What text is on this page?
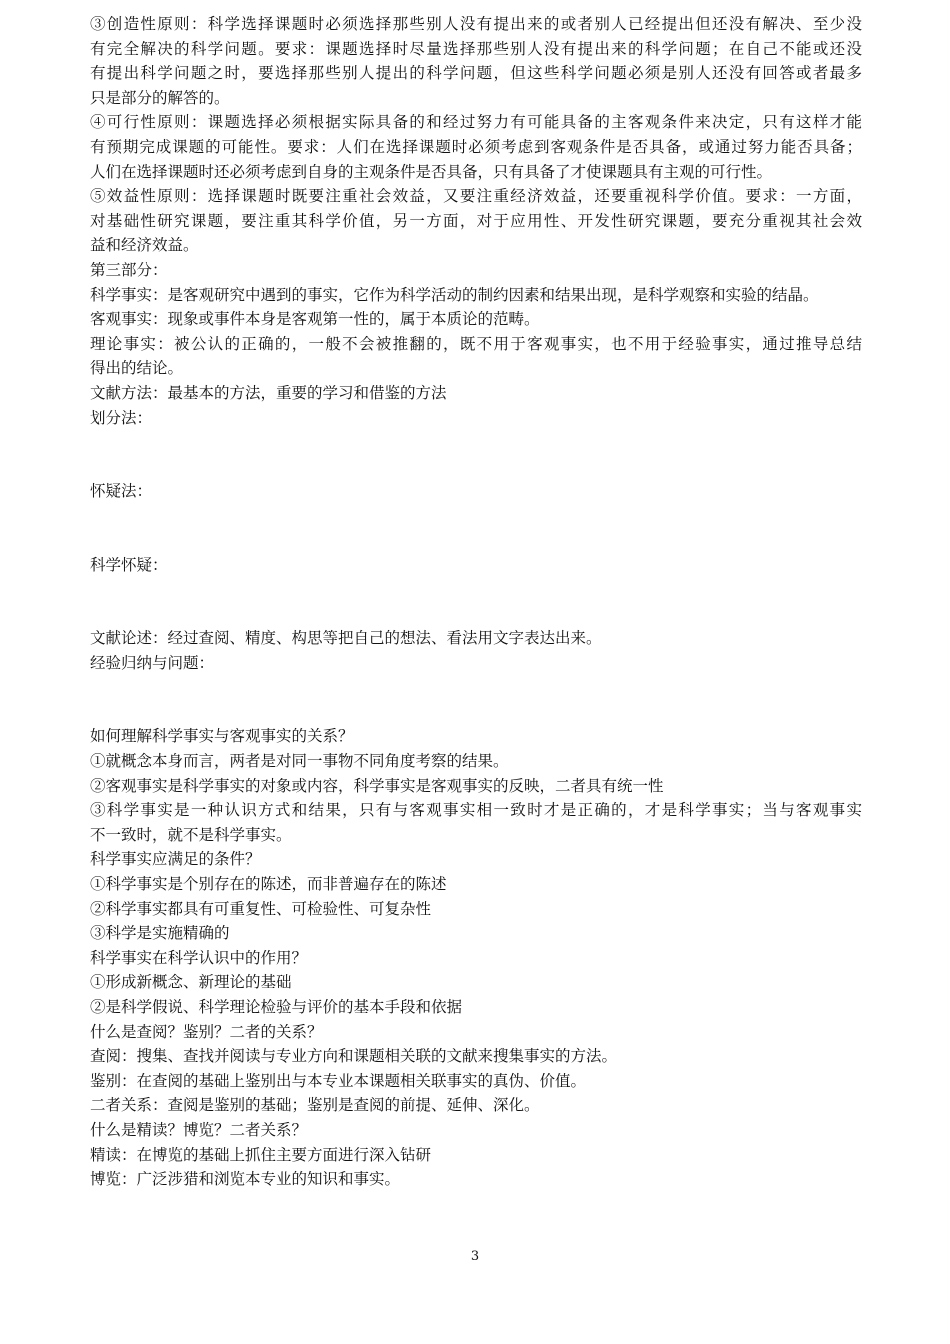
③创造性原则：科学选择课题时必须选择那些别人没有提出来的或者别人已经提出但还没有解决、至少没
有完全解决的科学问题。要求：课题选择时尽量选择那些别人没有提出来的科学问题；在自己不能或还没
有提出科学问题之时，要选择那些别人提出的科学问题，但这些科学问题必须是别人还没有回答或者最多
只是部分的解答的。
④可行性原则：课题选择必须根据实际具备的和经过努力有可能具备的主客观条件来决定，只有这样才能
有预期完成课题的可能性。要求：人们在选择课题时必须考虑到客观条件是否具备，或通过努力能否具备；
人们在选择课题时还必须考虑到自身的主观条件是否具备，只有具备了才使课题具有主观的可行性。
⑤效益性原则：选择课题时既要注重社会效益，又要注重经济效益，还要重视科学价值。要求：一方面，
对基础性研究课题，要注重其科学价值，另一方面，对于应用性、开发性研究课题，要充分重视其社会效
益和经济效益。
第三部分：
科学事实：是客观研究中遇到的事实，它作为科学活动的制约因素和结果出现，是科学观察和实验的结晶。
客观事实：现象或事件本身是客观第一性的，属于本质论的范畴。
理论事实：被公认的正确的，一般不会被推翻的，既不用于客观事实，也不用于经验事实，通过推导总结
得出的结论。
文献方法：最基本的方法，重要的学习和借鉴的方法
划分法：
怀疑法：
科学怀疑：
文献论述：经过查阅、精度、构思等把自己的想法、看法用文字表达出来。
经验归纳与问题：
如何理解科学事实与客观事实的关系？
①就概念本身而言，两者是对同一事物不同角度考察的结果。
②客观事实是科学事实的对象或内容，科学事实是客观事实的反映，二者具有统一性
③科学事实是一种认识方式和结果，只有与客观事实相一致时才是正确的，才是科学事实；当与客观事实
不一致时，就不是科学事实。
科学事实应满足的条件？
①科学事实是个别存在的陈述，而非普遍存在的陈述
②科学事实都具有可重复性、可检验性、可复杂性
③科学是实施精确的
科学事实在科学认识中的作用？
①形成新概念、新理论的基础
②是科学假说、科学理论检验与评价的基本手段和依据
什么是查阅？鉴别？二者的关系？
查阅：搜集、查找并阅读与专业方向和课题相关联的文献来搜集事实的方法。
鉴别：在查阅的基础上鉴别出与本专业本课题相关联事实的真伪、价值。
二者关系：查阅是鉴别的基础；鉴别是查阅的前提、延伸、深化。
什么是精读？博览？二者关系？
精读：在博览的基础上抓住主要方面进行深入钻研
博览：广泛涉猎和浏览本专业的知识和事实。
3
